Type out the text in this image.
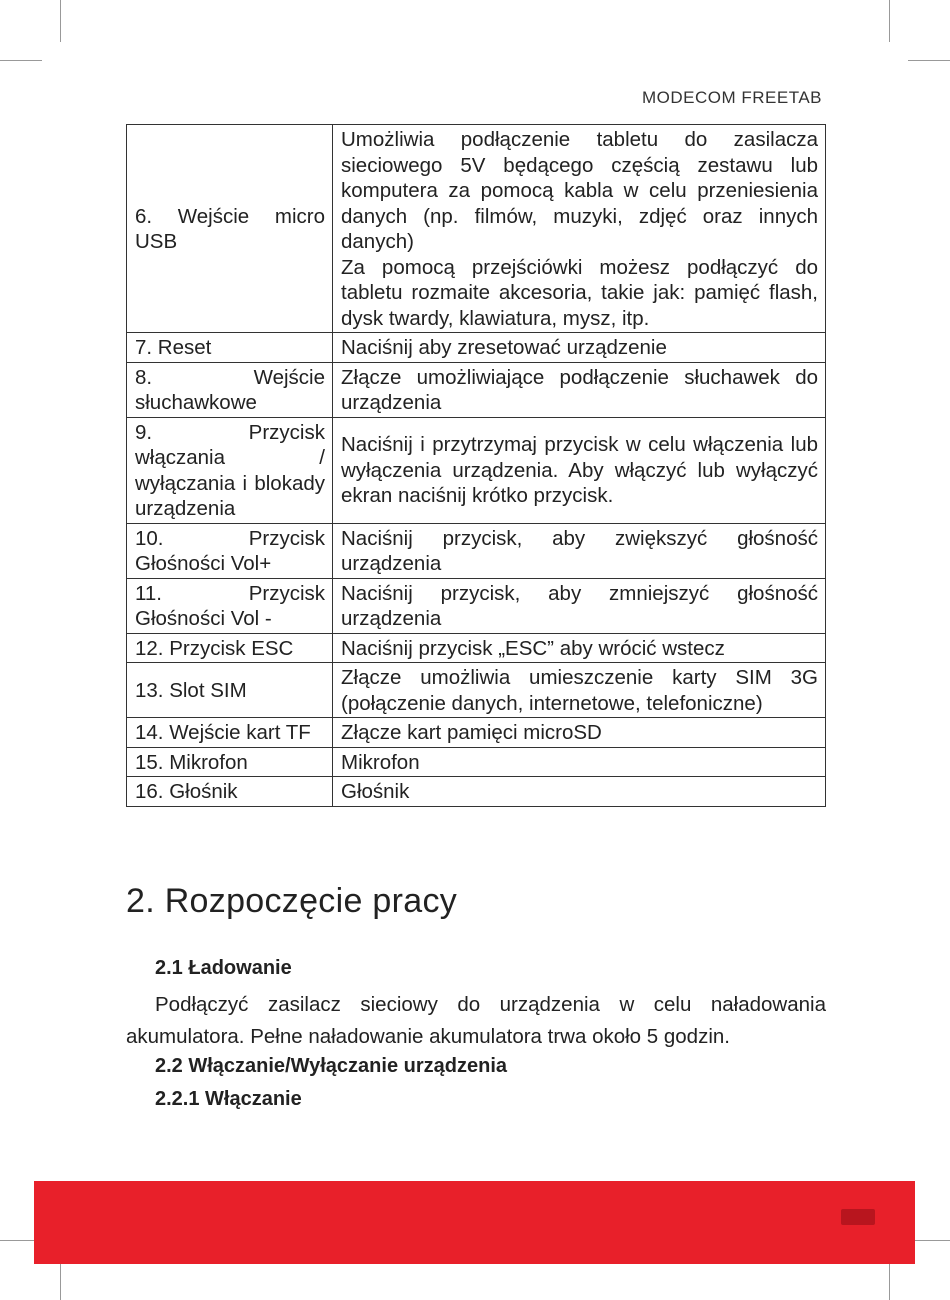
MODECOM FREETAB
6. Wejście micro USB	Umożliwia podłączenie tabletu do zasilacza sieciowego 5V będącego częścią zestawu lub komputera za pomocą kabla w celu przeniesienia danych (np. filmów, muzyki, zdjęć oraz innych danych)
Za pomocą przejściówki możesz podłączyć do tabletu rozmaite akcesoria, takie jak: pamięć flash, dysk twardy, klawiatura, mysz, itp.

7. Reset	Naciśnij aby zresetować urządzenie
8. Wejście słuchawkowe	Złącze umożliwiające podłączenie słuchawek do urządzenia
9. Przycisk włączania / wyłączania i blokady urządzenia	Naciśnij i przytrzymaj przycisk w celu włączenia lub wyłączenia urządzenia. Aby włączyć lub wyłączyć ekran naciśnij krótko przycisk.
10. Przycisk Głośności Vol+	Naciśnij przycisk, aby zwiększyć głośność urządzenia
11. Przycisk Głośności Vol -	Naciśnij przycisk, aby zmniejszyć głośność urządzenia
12. Przycisk ESC	Naciśnij przycisk „ESC” aby wrócić wstecz
13. Slot SIM	Złącze umożliwia umieszczenie karty SIM 3G (połączenie danych, internetowe, telefoniczne)
14. Wejście kart TF	Złącze kart pamięci microSD
15. Mikrofon	Mikrofon
16. Głośnik	Głośnik
2. Rozpoczęcie pracy
2.1 Ładowanie

Podłączyć zasilacz sieciowy do urządzenia w celu naładowania akumulatora. Pełne naładowanie akumulatora trwa około 5 godzin.

2.2 Włączanie/Wyłączanie urządzenia
2.2.1 Włączanie
